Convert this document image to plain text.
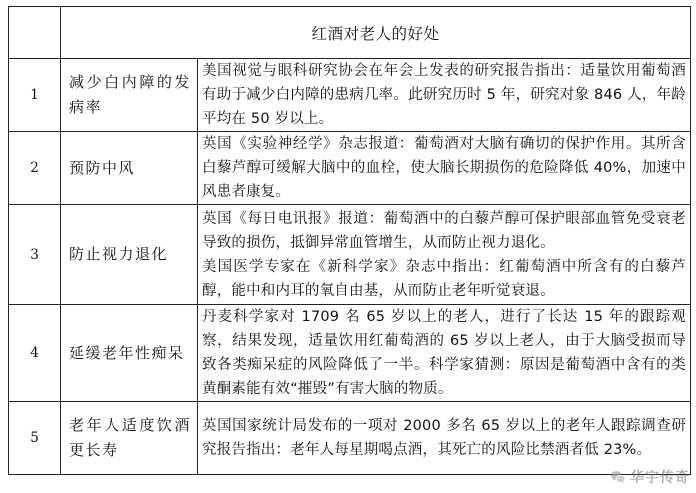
	红酒对老人的好处	
1	减少白内障的发病率	美国视觉与眼科研究协会在年会上发表的研究报告指出：适量饮用葡萄酒有助于减少白内障的患病几率。此研究历时 5 年，研究对象 846 人，年龄平均在 50 岁以上。

2	预防中风	英国《实验神经学》杂志报道：葡萄酒对大脑有确切的保护作用。其所含白藜芦醇可缓解大脑中的血栓，使大脑长期损伤的危险降低 40%，加速中风患者康复。

3	防止视力退化	英国《每日电讯报》报道：葡萄酒中的白藜芦醇可保护眼部血管免受衰老导致的损伤，抵御异常血管增生，从而防止视力退化。

美国医学专家在《新科学家》杂志中指出：红葡萄酒中所含有的白藜芦醇，能中和内耳的氧自由基，从而防止老年听觉衰退。

4	延缓老年性痴呆	丹麦科学家对 1709 名 65 岁以上的老人，进行了长达 15 年的跟踪观察，结果发现，适量饮用红葡萄酒的 65 岁以上老人，由于大脑受损而导致各类痴呆症的风险降低了一半。科学家猜测：原因是葡萄酒中含有的类黄酮素能有效“摧毁”有害大脑的物质。

5	老年人适度饮酒更长寿	英国国家统计局发布的一项对 2000 多名 65 岁以上的老年人跟踪调查研究报告指出：老年人每星期喝点酒，其死亡的风险比禁酒者低 23%。

华宇传奇
